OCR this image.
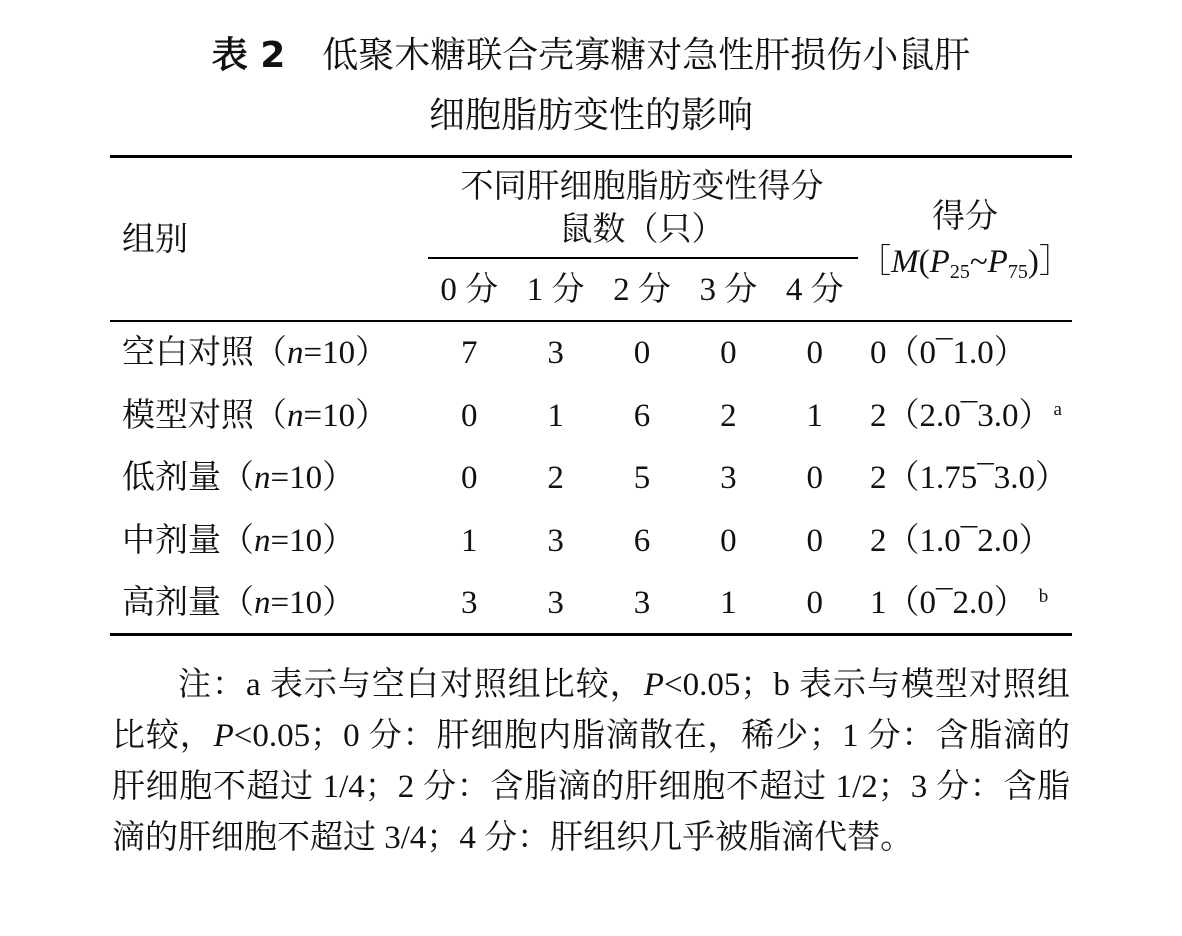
表 2 低聚木糖联合壳寡糖对急性肝损伤小鼠肝
细胞脂肪变性的影响
组别
不同肝细胞脂肪变性得分
鼠数（只）
0 分 1 分 2 分 3 分 4 分
得分
$[M(P_{25}\sim P_{75})]$
空白对照（n=10）	7	3	0	0	0	0（0¯1.0）
模型对照（n=10）	0	1	6	2	1	2（2.0¯3.0） $^a$
低剂量（n=10）	0	2	5	3	0	2（1.75¯3.0）
中剂量（n=10）	1	3	6	0	0	2（1.0¯2.0）
高剂量（n=10）	3	3	3	1	0	1（0¯2.0） $^b$
注：a 表示与空白对照组比较，P<0.05；b 表示与模型对照组比较，P<0.05；0 分：肝细胞内脂滴散在，稀少；1 分：含脂滴的肝细胞不超过 1/4；2 分：含脂滴的肝细胞不超过 1/2；3 分：含脂滴的肝细胞不超过 3/4；4 分：肝组织几乎被脂滴代替。
